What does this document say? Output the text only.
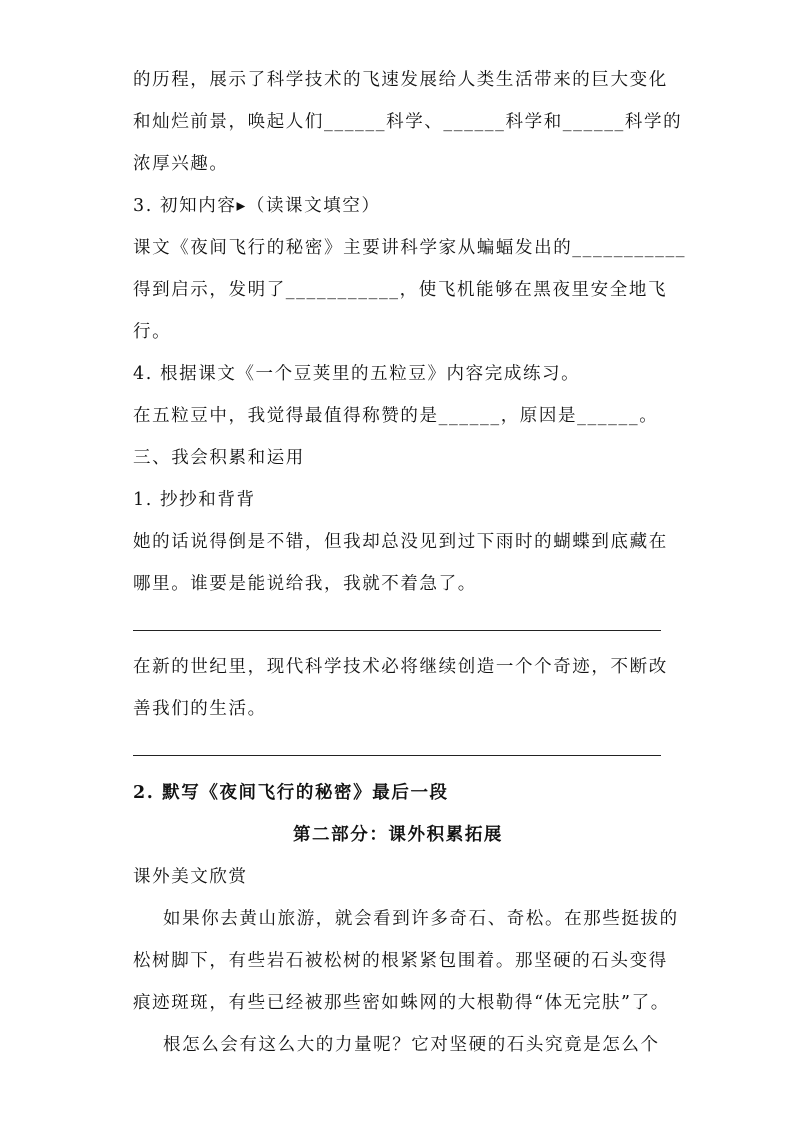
的历程，展示了科学技术的飞速发展给人类生活带来的巨大变化
和灿烂前景，唤起人们______科学、______科学和______科学的
浓厚兴趣。
3. 初知内容▸（读课文填空）
课文《夜间飞行的秘密》主要讲科学家从蝙蝠发出的___________
得到启示，发明了___________，使飞机能够在黑夜里安全地飞
行。
4. 根据课文《一个豆荚里的五粒豆》内容完成练习。
在五粒豆中，我觉得最值得称赞的是______，原因是______。
三、我会积累和运用
1. 抄抄和背背
她的话说得倒是不错，但我却总没见到过下雨时的蝴蝶到底藏在
哪里。谁要是能说给我，我就不着急了。
在新的世纪里，现代科学技术必将继续创造一个个奇迹，不断改
善我们的生活。
2. 默写《夜间飞行的秘密》最后一段
第二部分：课外积累拓展
课外美文欣赏
如果你去黄山旅游，就会看到许多奇石、奇松。在那些挺拔的
松树脚下，有些岩石被松树的根紧紧包围着。那坚硬的石头变得
痕迹斑斑，有些已经被那些密如蛛网的大根勒得“体无完肤”了。
根怎么会有这么大的力量呢？它对坚硬的石头究竟是怎么个
